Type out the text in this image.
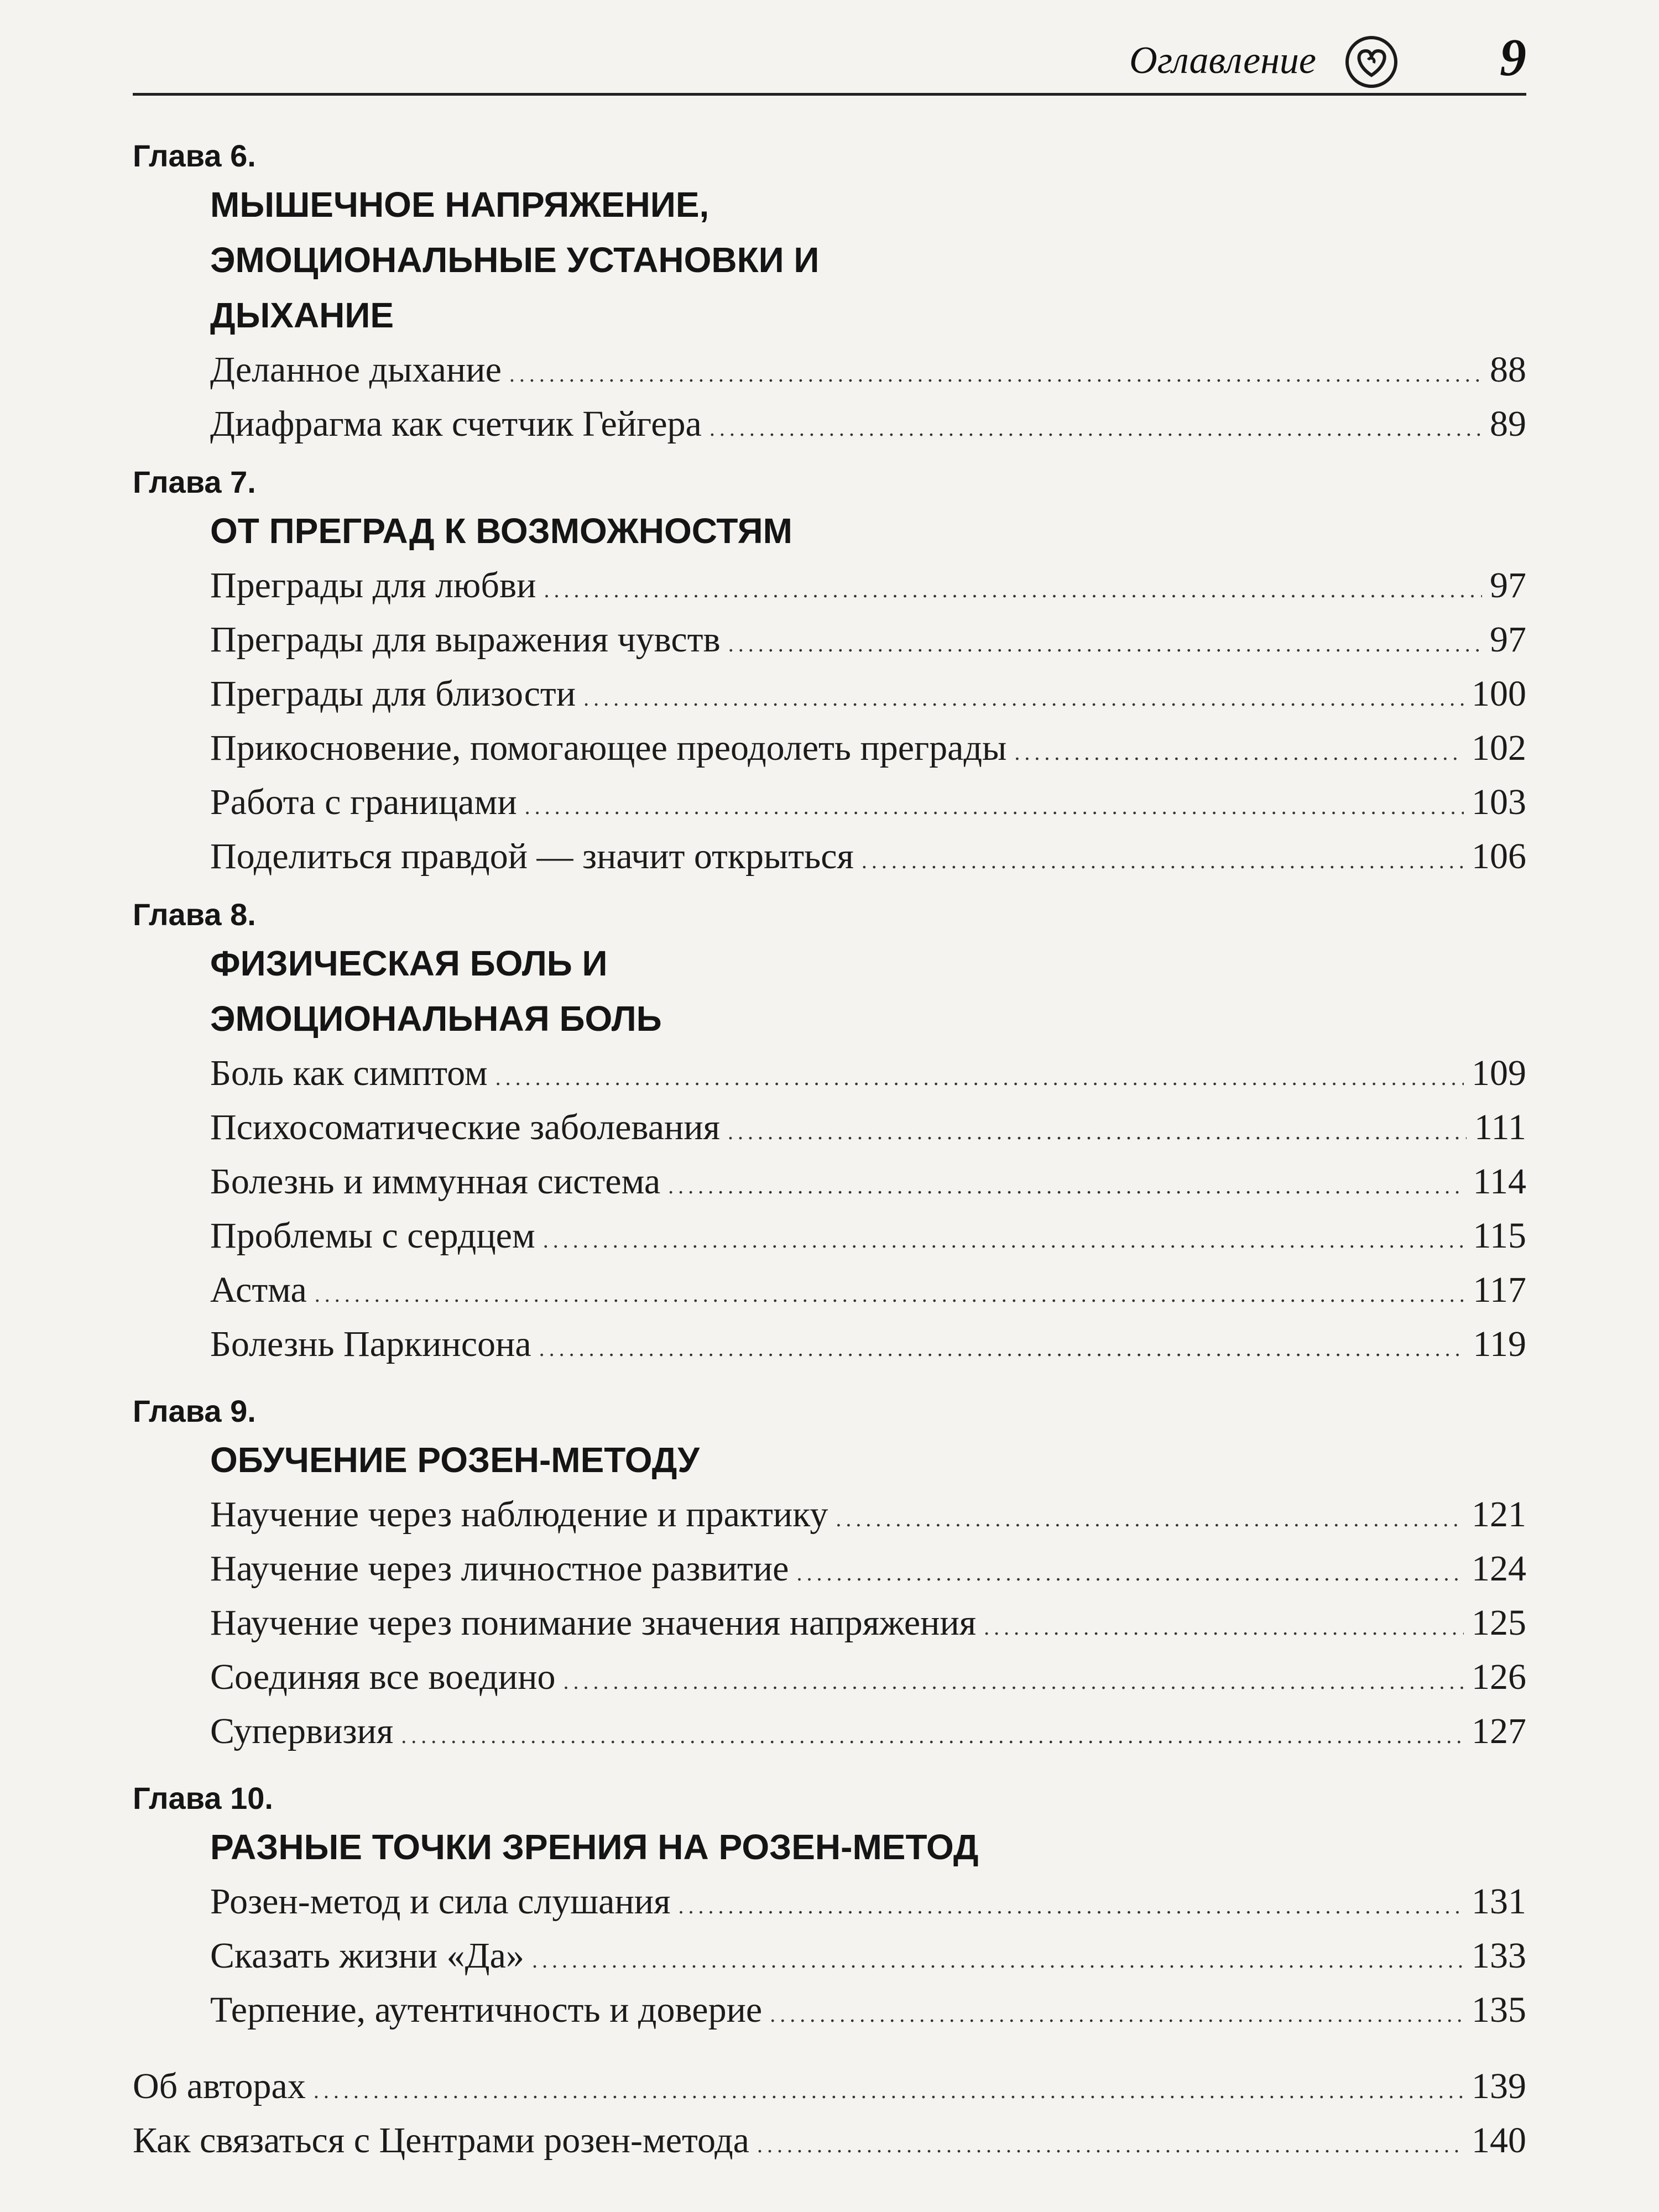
Оглавление	9
Глава 6.
МЫШЕЧНОЕ НАПРЯЖЕНИЕ, ЭМОЦИОНАЛЬНЫЕ УСТАНОВКИ И ДЫХАНИЕ
Деланное дыхание .....	88
Диафрагма как счетчик Гейгера .....	89
Глава 7.
ОТ ПРЕГРАД К ВОЗМОЖНОСТЯМ
Преграды для любви .....	97
Преграды для выражения чувств .....	97
Преграды для близости .....	100
Прикосновение, помогающее преодолеть преграды .....	102
Работа с границами .....	103
Поделиться правдой — значит открыться .....	106
Глава 8.
ФИЗИЧЕСКАЯ БОЛЬ И ЭМОЦИОНАЛЬНАЯ БОЛЬ
Боль как симптом .....	109
Психосоматические заболевания .....	111
Болезнь и иммунная система .....	114
Проблемы с сердцем .....	115
Астма .....	117
Болезнь Паркинсона .....	119
Глава 9.
ОБУЧЕНИЕ РОЗЕН-МЕТОДУ
Научение через наблюдение и практику .....	121
Научение через личностное развитие .....	124
Научение через понимание значения напряжения .....	125
Соединяя все воедино .....	126
Супервизия .....	127
Глава 10.
РАЗНЫЕ ТОЧКИ ЗРЕНИЯ НА РОЗЕН-МЕТОД
Розен-метод и сила слушания .....	131
Сказать жизни «Да» .....	133
Терпение, аутентичность и доверие .....	135
Об авторах .....	139
Как связаться с Центрами розен-метода .....	140
